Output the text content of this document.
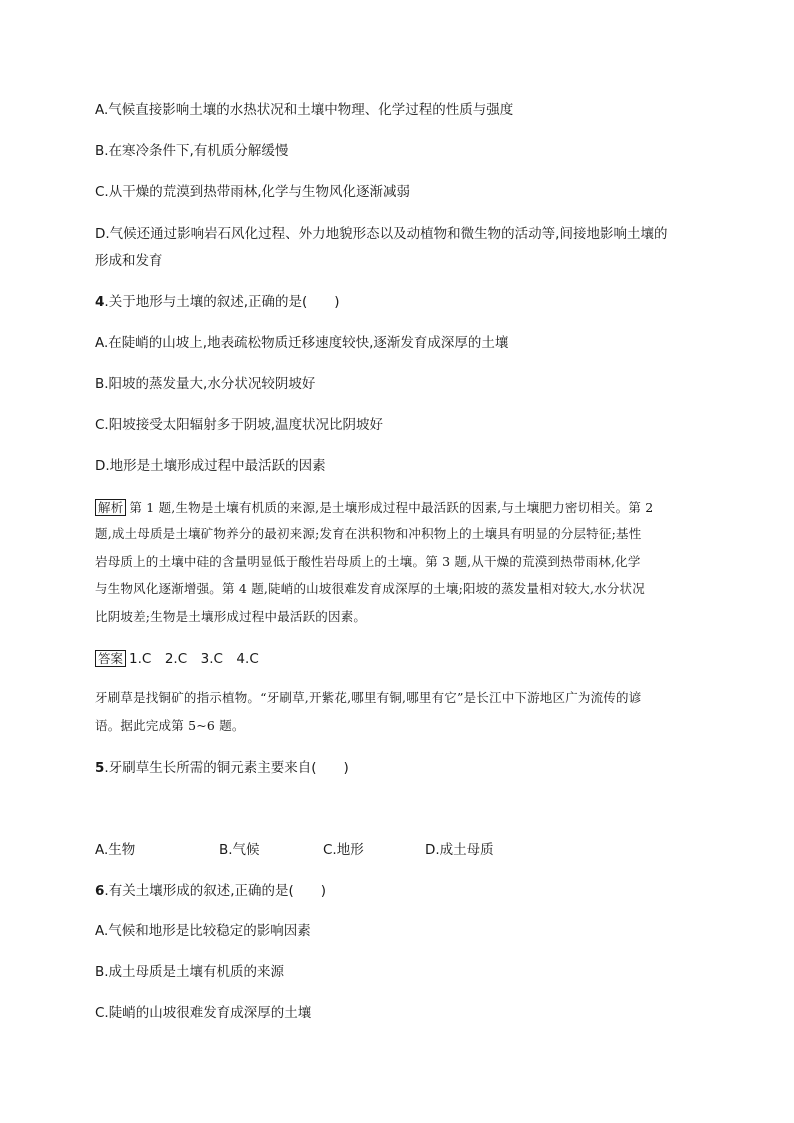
A.气候直接影响土壤的水热状况和土壤中物理、化学过程的性质与强度
B.在寒冷条件下,有机质分解缓慢
C.从干燥的荒漠到热带雨林,化学与生物风化逐渐减弱
D.气候还通过影响岩石风化过程、外力地貌形态以及动植物和微生物的活动等,间接地影响土壤的
形成和发育
4.关于地形与土壤的叙述,正确的是(　　)
A.在陡峭的山坡上,地表疏松物质迁移速度较快,逐渐发育成深厚的土壤
B.阳坡的蒸发量大,水分状况较阴坡好
C.阳坡接受太阳辐射多于阴坡,温度状况比阴坡好
D.地形是土壤形成过程中最活跃的因素
解析 第 1 题,生物是土壤有机质的来源,是土壤形成过程中最活跃的因素,与土壤肥力密切相关。第 2
题,成土母质是土壤矿物养分的最初来源;发育在洪积物和冲积物上的土壤具有明显的分层特征;基性
岩母质上的土壤中硅的含量明显低于酸性岩母质上的土壤。第 3 题,从干燥的荒漠到热带雨林,化学
与生物风化逐渐增强。第 4 题,陡峭的山坡很难发育成深厚的土壤;阳坡的蒸发量相对较大,水分状况
比阴坡差;生物是土壤形成过程中最活跃的因素。
答案 1.C　2.C　3.C　4.C
牙刷草是找铜矿的指示植物。“牙刷草,开紫花,哪里有铜,哪里有它”是长江中下游地区广为流传的谚
语。据此完成第 5~6 题。
5.牙刷草生长所需的铜元素主要来自(　　)
A.生物	B.气候	C.地形	D.成土母质
6.有关土壤形成的叙述,正确的是(　　)
A.气候和地形是比较稳定的影响因素
B.成土母质是土壤有机质的来源
C.陡峭的山坡很难发育成深厚的土壤
